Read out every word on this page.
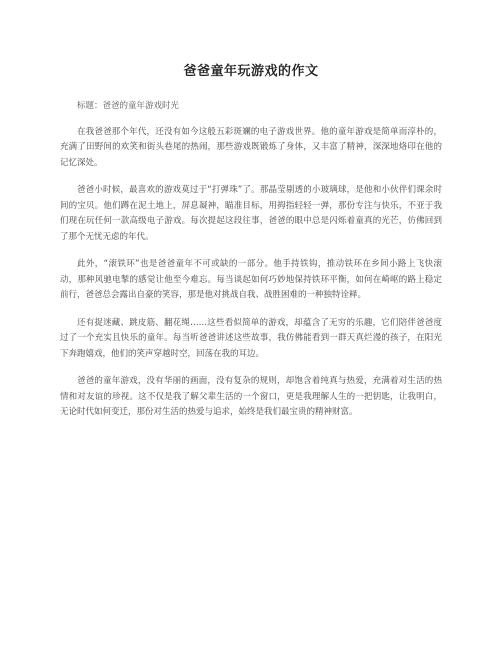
爸爸童年玩游戏的作文

标题：爸爸的童年游戏时光

在我爸爸那个年代，还没有如今这般五彩斑斓的电子游戏世界。他的童年游戏是简单而淳朴的，充满了田野间的欢笑和街头巷尾的热闹，那些游戏既锻炼了身体，又丰富了精神，深深地烙印在他的记忆深处。

爸爸小时候，最喜欢的游戏莫过于“打弹珠”了。那晶莹剔透的小玻璃球，是他和小伙伴们课余时间的宝贝。他们蹲在泥土地上，屏息凝神，瞄准目标，用拇指轻轻一弹，那份专注与快乐，不亚于我们现在玩任何一款高级电子游戏。每次提起这段往事，爸爸的眼中总是闪烁着童真的光芒，仿佛回到了那个无忧无虑的年代。

此外，“滚铁环”也是爸爸童年不可或缺的一部分。他手持铁钩，推动铁环在乡间小路上飞快滚动，那种风驰电掣的感觉让他至今难忘。每当谈起如何巧妙地保持铁环平衡，如何在崎岖的路上稳定前行，爸爸总会露出自豪的笑容，那是他对挑战自我、战胜困难的一种独特诠释。

还有捉迷藏、跳皮筋、翻花绳……这些看似简单的游戏，却蕴含了无穷的乐趣，它们陪伴爸爸度过了一个充实且快乐的童年。每当听爸爸讲述这些故事，我仿佛能看到一群天真烂漫的孩子，在阳光下奔跑嬉戏，他们的笑声穿越时空，回荡在我的耳边。

爸爸的童年游戏，没有华丽的画面，没有复杂的规则，却饱含着纯真与热爱，充满着对生活的热情和对友谊的珍视。这不仅是我了解父辈生活的一个窗口，更是我理解人生的一把钥匙，让我明白，无论时代如何变迁，那份对生活的热爱与追求，始终是我们最宝贵的精神财富。
